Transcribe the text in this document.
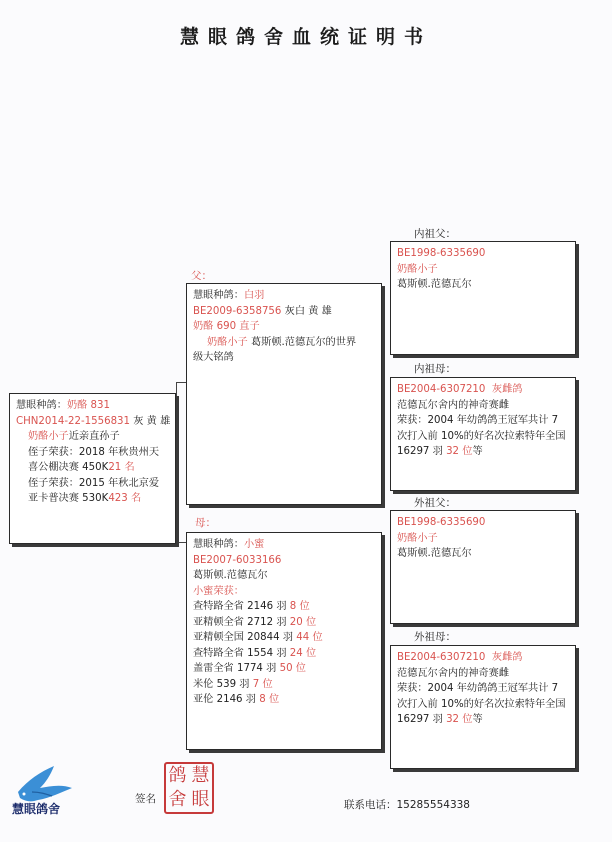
慧眼鸽舍血统证明书
慧眼种鸽：奶酪 831
CHN2014-22-1556831 灰 黄 雄
奶酪小子近亲直孙子
侄子荣获：2018 年秋贵州天喜公棚决赛 450K21 名
侄子荣获：2015 年秋北京爱亚卡普决赛 530K423 名
父：
慧眼种鸽：白羽
BE2009-6358756 灰白 黄 雄
奶酪 690 直子
奶酪小子 葛斯顿.范德瓦尔的世界
级大铭鸽
母：
慧眼种鸽：小蜜
BE2007-6033166
葛斯顿.范德瓦尔
小蜜荣获：
查特路全省 2146 羽 8 位
亚精顿全省 2712 羽 20 位
亚精顿全国 20844 羽 44 位
查特路全省 1554 羽 24 位
盖雷全省 1774 羽 50 位
米伦 539 羽 7 位
亚伦 2146 羽 8 位
内祖父：
BE1998-6335690
奶酪小子
葛斯顿.范德瓦尔
内祖母：
BE2004-6307210 灰雌鸽
范德瓦尔舍内的神奇赛雌
荣获：2004 年幼鸽鸽王冠军共计 7 次打入前 10%的好名次拉索特年全国 16297 羽 32 位等
外祖父：
BE1998-6335690
奶酪小子
葛斯顿.范德瓦尔
外祖母：
BE2004-6307210 灰雌鸽
范德瓦尔舍内的神奇赛雌
荣获：2004 年幼鸽鸽王冠军共计 7 次打入前 10%的好名次拉索特年全国 16297 羽 32 位等
慧眼鸽舍
签名
鸽 慧
舍 眼	联系电话：15285554338
